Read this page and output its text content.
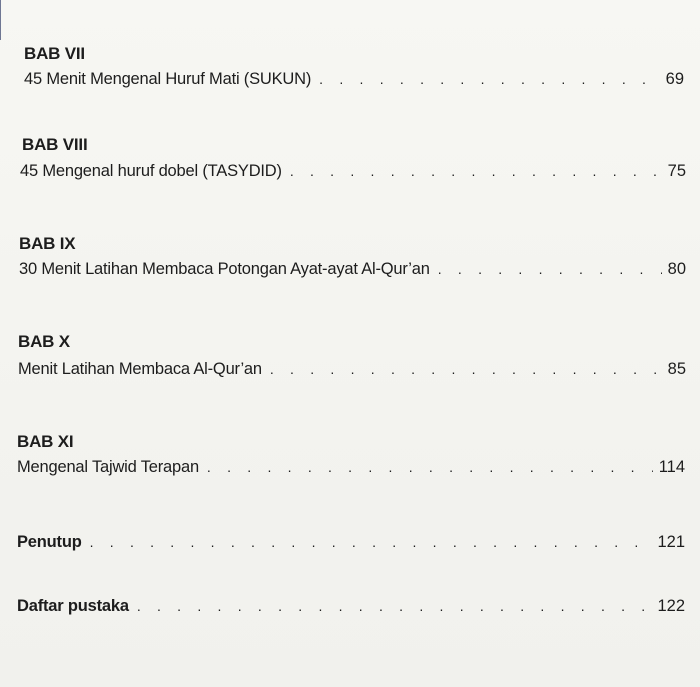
BAB VII
45 Menit Mengenal Huruf Mati (SUKUN) . . .	69
BAB VIII
45 Mengenal huruf dobel (TASYDID) . . .	75
BAB IX
30 Menit Latihan Membaca Potongan Ayat-ayat Al-Qur’an . . .	80
BAB X
Menit Latihan Membaca Al-Qur’an . . .	85
BAB XI
Mengenal Tajwid Terapan . . .	114
Penutup . . .	121
Daftar pustaka . . .	122
